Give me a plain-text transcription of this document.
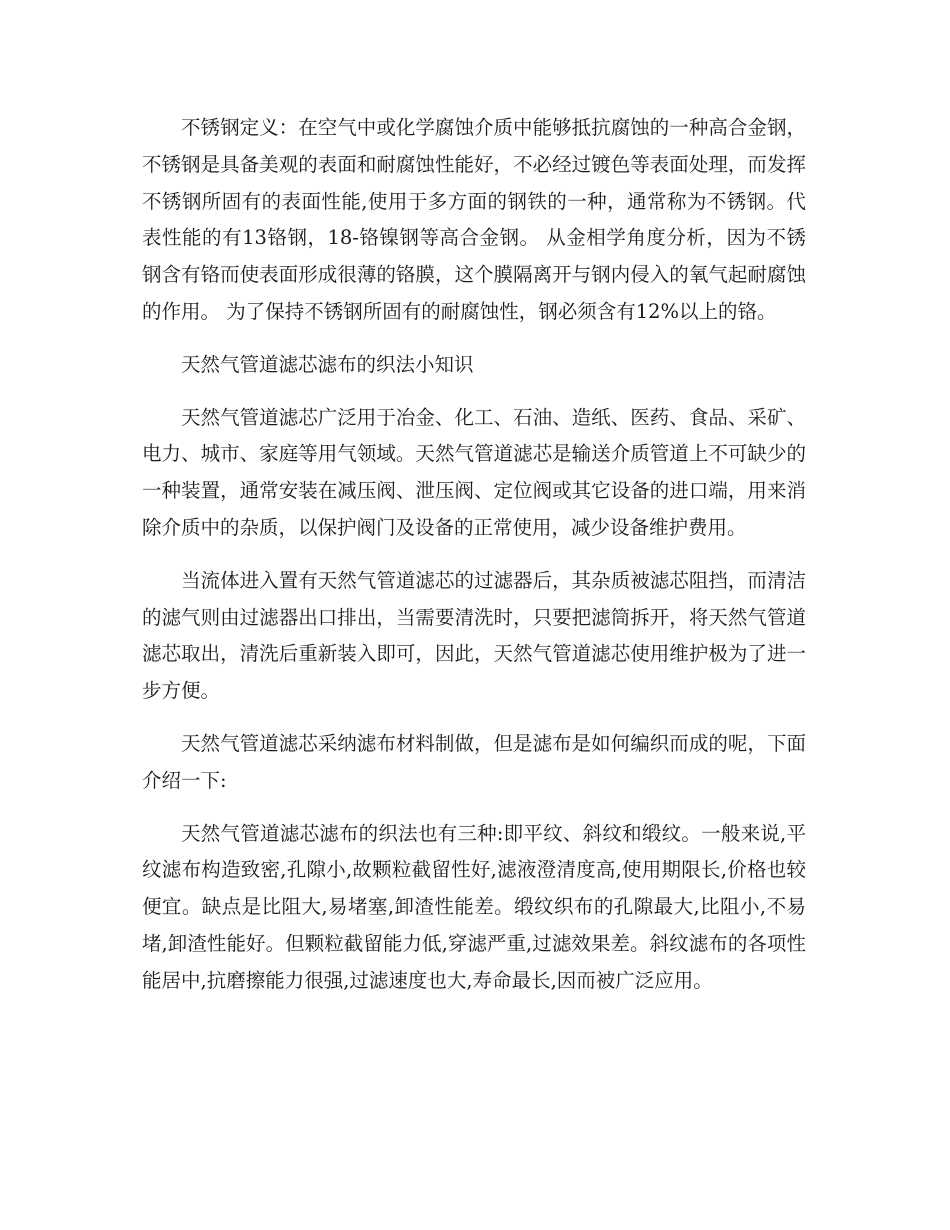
不锈钢定义：在空气中或化学腐蚀介质中能够抵抗腐蚀的一种高合金钢，不锈钢是具备美观的表面和耐腐蚀性能好，不必经过镀色等表面处理，而发挥不锈钢所固有的表面性能,使用于多方面的钢铁的一种，通常称为不锈钢。代表性能的有13铬钢，18-铬镍钢等高合金钢。 从金相学角度分析，因为不锈钢含有铬而使表面形成很薄的铬膜，这个膜隔离开与钢内侵入的氧气起耐腐蚀的作用。 为了保持不锈钢所固有的耐腐蚀性，钢必须含有12%以上的铬。

天然气管道滤芯滤布的织法小知识

天然气管道滤芯广泛用于冶金、化工、石油、造纸、医药、食品、采矿、电力、城市、家庭等用气领域。天然气管道滤芯是输送介质管道上不可缺少的一种装置，通常安装在减压阀、泄压阀、定位阀或其它设备的进口端，用来消除介质中的杂质，以保护阀门及设备的正常使用，减少设备维护费用。

当流体进入置有天然气管道滤芯的过滤器后，其杂质被滤芯阻挡，而清洁的滤气则由过滤器出口排出，当需要清洗时，只要把滤筒拆开，将天然气管道滤芯取出，清洗后重新装入即可，因此，天然气管道滤芯使用维护极为了进一步方便。

天然气管道滤芯采纳滤布材料制做，但是滤布是如何编织而成的呢，下面介绍一下:

天然气管道滤芯滤布的织法也有三种:即平纹、斜纹和缎纹。一般来说,平纹滤布构造致密,孔隙小,故颗粒截留性好,滤液澄清度高,使用期限长,价格也较便宜。缺点是比阻大,易堵塞,卸渣性能差。缎纹织布的孔隙最大,比阻小,不易堵,卸渣性能好。但颗粒截留能力低,穿滤严重,过滤效果差。斜纹滤布的各项性能居中,抗磨擦能力很强,过滤速度也大,寿命最长,因而被广泛应用。
